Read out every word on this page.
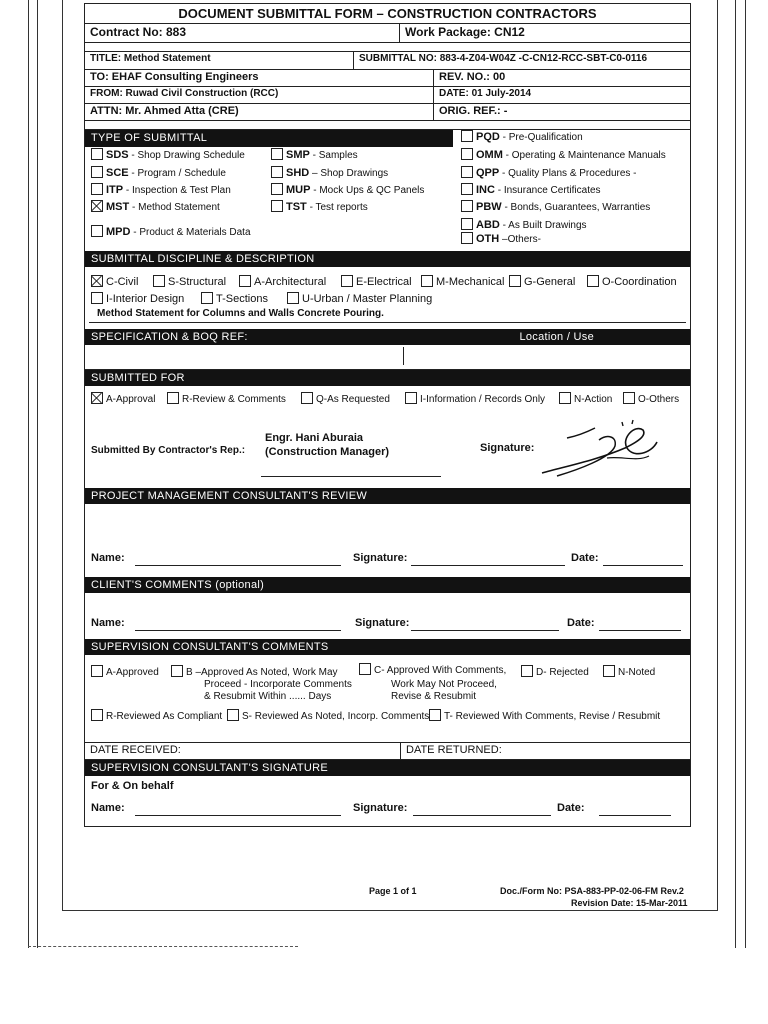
DOCUMENT SUBMITTAL FORM – CONSTRUCTION CONTRACTORS
Contract No: 883	Work Package: CN12
TITLE: Method Statement	SUBMITTAL NO: 883-4-Z04-W04Z -C-CN12-RCC-SBT-C0-0116
TO: EHAF Consulting Engineers	REV. NO.: 00
FROM: Ruwad Civil Construction (RCC)	DATE: 01 July-2014
ATTN: Mr. Ahmed Atta (CRE)	ORIG. REF.: -
TYPE OF SUBMITTAL
SDS - Shop Drawing Schedule
SCE - Program / Schedule
ITP - Inspection & Test Plan
MST - Method Statement
MPD - Product & Materials Data
SMP - Samples
SHD – Shop Drawings
MUP - Mock Ups & QC Panels
TST - Test reports
PQD - Pre-Qualification
OMM - Operating & Maintenance Manuals
QPP - Quality Plans & Procedures -
INC - Insurance Certificates
PBW - Bonds, Guarantees, Warranties
ABD - As Built Drawings
OTH –Others-
SUBMITTAL DISCIPLINE & DESCRIPTION
C-Civil	S-Structural	A-Architectural	E-Electrical	M-Mechanical	G-General	O-Coordination
I-Interior Design	T-Sections	U-Urban / Master Planning
Method Statement for Columns and Walls Concrete Pouring.
SPECIFICATION & BOQ REF:	Location / Use
SUBMITTED FOR
A-Approval	R-Review & Comments	Q-As Requested	I-Information / Records Only	N-Action	O-Others
Submitted By Contractor's Rep.:
Engr. Hani Aburaia
(Construction Manager)	Signature:
PROJECT MANAGEMENT CONSULTANT'S REVIEW
Name:	Signature:	Date:
CLIENT'S COMMENTS (optional)
Name:	Signature:	Date:
SUPERVISION CONSULTANT'S COMMENTS
A-Approved	B –Approved As Noted, Work May
Proceed - Incorporate Comments
& Resubmit Within ...... Days
C- Approved With Comments,
Work May Not Proceed,
Revise & Resubmit
D- Rejected	N-Noted
R-Reviewed As Compliant	S- Reviewed As Noted, Incorp. Comments	T- Reviewed With Comments, Revise / Resubmit
DATE RECEIVED:	DATE RETURNED:
SUPERVISION CONSULTANT'S SIGNATURE
For & On behalf
Name:	Signature:	Date:
Page 1 of 1	Doc./Form No: PSA-883-PP-02-06-FM Rev.2
Revision Date: 15-Mar-2011
